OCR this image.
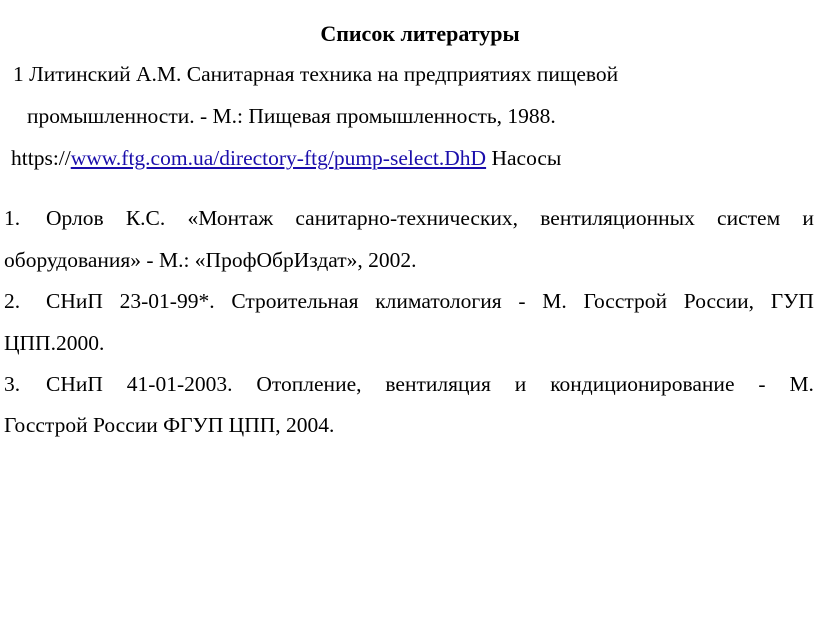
Список литературы
1 Литинский А.М. Санитарная техника на предприятиях пищевой
промышленности. - М.: Пищевая промышленность, 1988.
https://www.ftg.com.ua/directory-ftg/pump-select.DhD Насосы
1.	Орлов К.С. «Монтаж санитарно-технических, вентиляционных систем и
оборудования» - М.: «ПрофОбрИздат», 2002.
2.	СНиП 23-01-99*. Строительная климатология - М. Госстрой России, ГУП
ЦПП.2000.
3.	СНиП 41-01-2003. Отопление, вентиляция и кондиционирование - М.
Госстрой России ФГУП ЦПП, 2004.
